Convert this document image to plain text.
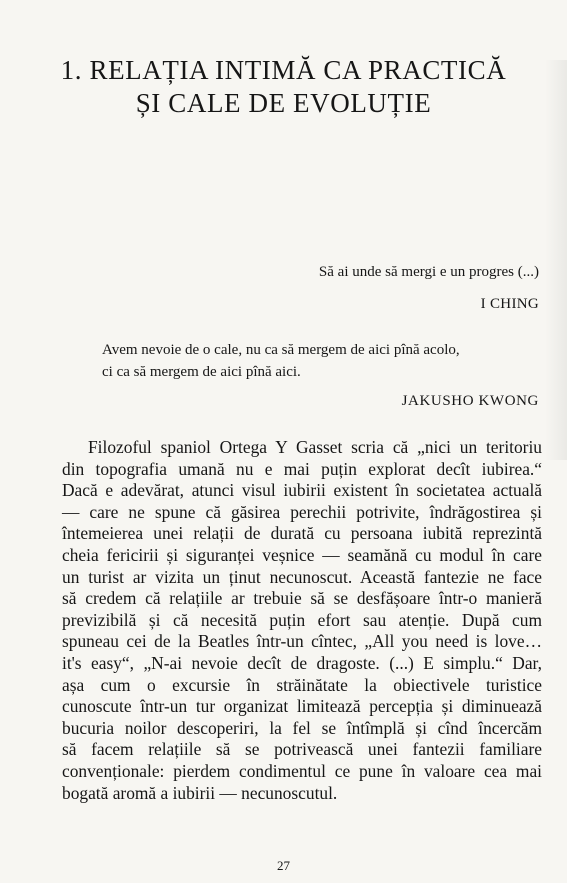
1. RELAȚIA INTIMĂ CA PRACTICĂ
ȘI CALE DE EVOLUȚIE
Să ai unde să mergi e un progres (...)
I CHING
Avem nevoie de o cale, nu ca să mergem de aici pînă acolo,
ci ca să mergem de aici pînă aici.
JAKUSHO KWONG
Filozoful spaniol Ortega Y Gasset scria că „nici un teritoriu
din topografia umană nu e mai puțin explorat decît iubirea.“
Dacă e adevărat, atunci visul iubirii existent în societatea actuală
— care ne spune că găsirea perechii potrivite, îndrăgostirea și
întemeierea unei relații de durată cu persoana iubită reprezintă
cheia fericirii și siguranței veșnice — seamănă cu modul în care
un turist ar vizita un ținut necunoscut. Această fantezie ne face
să credem că relațiile ar trebuie să se desfășoare într-o manieră
previzibilă și că necesită puțin efort sau atenție. După cum
spuneau cei de la Beatles într-un cîntec, „All you need is love…
it's easy“, „N-ai nevoie decît de dragoste. (...) E simplu.“ Dar,
așa cum o excursie în străinătate la obiectivele turistice
cunoscute într-un tur organizat limitează percepția și diminuează
bucuria noilor descoperiri, la fel se întîmplă și cînd încercăm
să facem relațiile să se potrivească unei fantezii familiare
convenționale: pierdem condimentul ce pune în valoare cea mai
bogată aromă a iubirii — necunoscutul.
27
